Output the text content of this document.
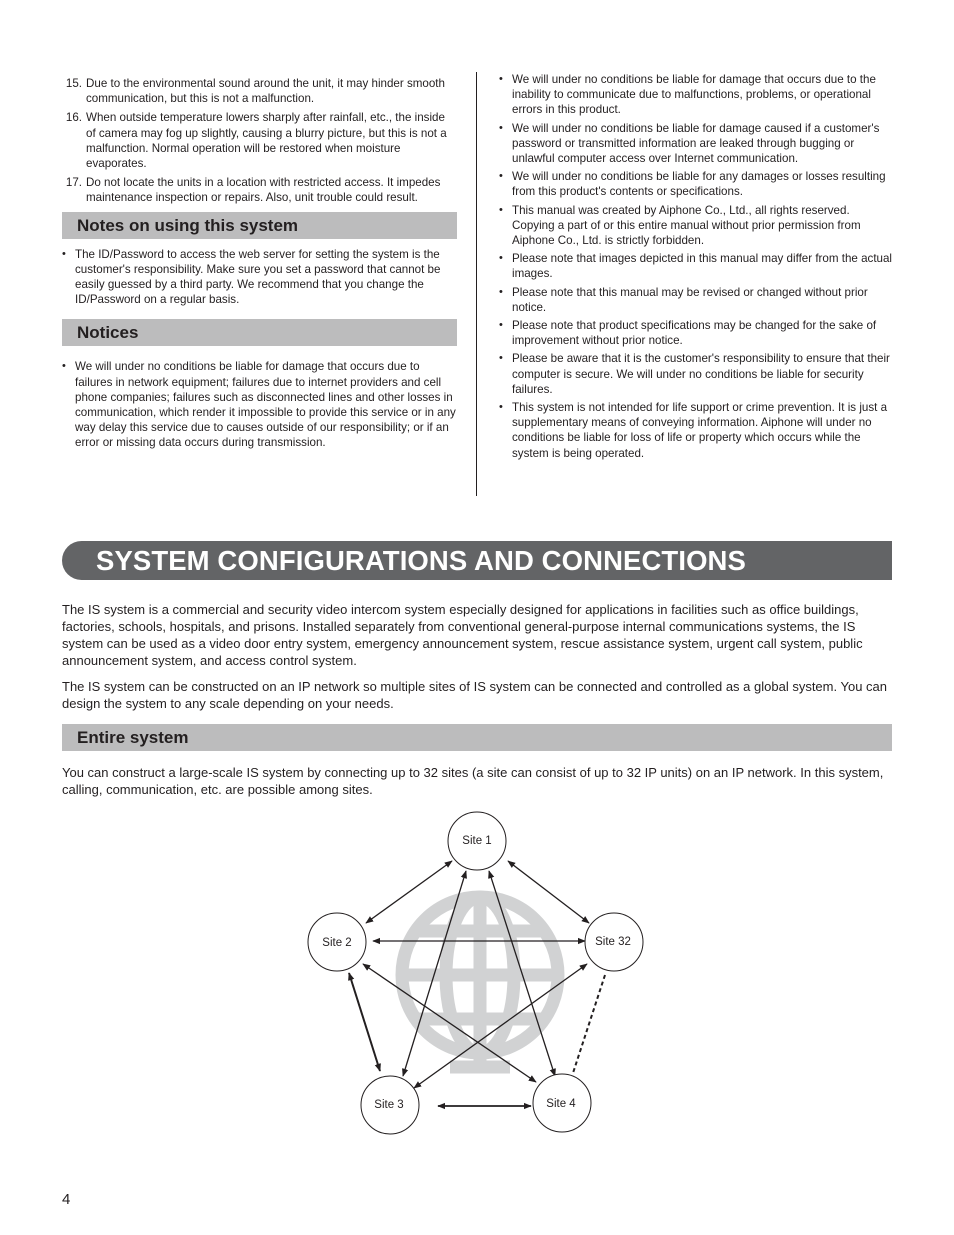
15. Due to the environmental sound around the unit, it may hinder smooth communication, but this is not a malfunction.
16. When outside temperature lowers sharply after rainfall, etc., the inside of camera may fog up slightly, causing a blurry picture, but this is not a malfunction. Normal operation will be restored when moisture evaporates.
17. Do not locate the units in a location with restricted access. It impedes maintenance inspection or repairs. Also, unit trouble could result.
Notes on using this system
• The ID/Password to access the web server for setting the system is the customer's responsibility. Make sure you set a password that cannot be easily guessed by a third party. We recommend that you change the ID/Password on a regular basis.
Notices
• We will under no conditions be liable for damage that occurs due to failures in network equipment; failures due to internet providers and cell phone companies; failures such as disconnected lines and other losses in communication, which render it impossible to provide this service or in any way delay this service due to causes outside of our responsibility; or if an error or missing data occurs during transmission.
• We will under no conditions be liable for damage that occurs due to the inability to communicate due to malfunctions, problems, or operational errors in this product.
• We will under no conditions be liable for damage caused if a customer's password or transmitted information are leaked through bugging or unlawful computer access over Internet communication.
• We will under no conditions be liable for any damages or losses resulting from this product's contents or specifications.
• This manual was created by Aiphone Co., Ltd., all rights reserved. Copying a part of or this entire manual without prior permission from Aiphone Co., Ltd. is strictly forbidden.
• Please note that images depicted in this manual may differ from the actual images.
• Please note that this manual may be revised or changed without prior notice.
• Please note that product specifications may be changed for the sake of improvement without prior notice.
• Please be aware that it is the customer's responsibility to ensure that their computer is secure. We will under no conditions be liable for security failures.
• This system is not intended for life support or crime prevention. It is just a supplementary means of conveying information. Aiphone will under no conditions be liable for loss of life or property which occurs while the system is being operated.
SYSTEM CONFIGURATIONS AND CONNECTIONS

The IS system is a commercial and security video intercom system especially designed for applications in facilities such as office buildings, factories, schools, hospitals, and prisons. Installed separately from conventional general-purpose internal communications systems, the IS system can be used as a video door entry system, emergency announcement system, rescue assistance system, urgent call system, public announcement system, and access control system.

The IS system can be constructed on an IP network so multiple sites of IS system can be connected and controlled as a global system. You can design the system to any scale depending on your needs.

Entire system

You can construct a large-scale IS system by connecting up to 32 sites (a site can consist of up to 32 IP units) on an IP network. In this system, calling, communication, etc. are possible among sites.

Site 1
Site 2	Site 32
Site 3	Site 4
4
